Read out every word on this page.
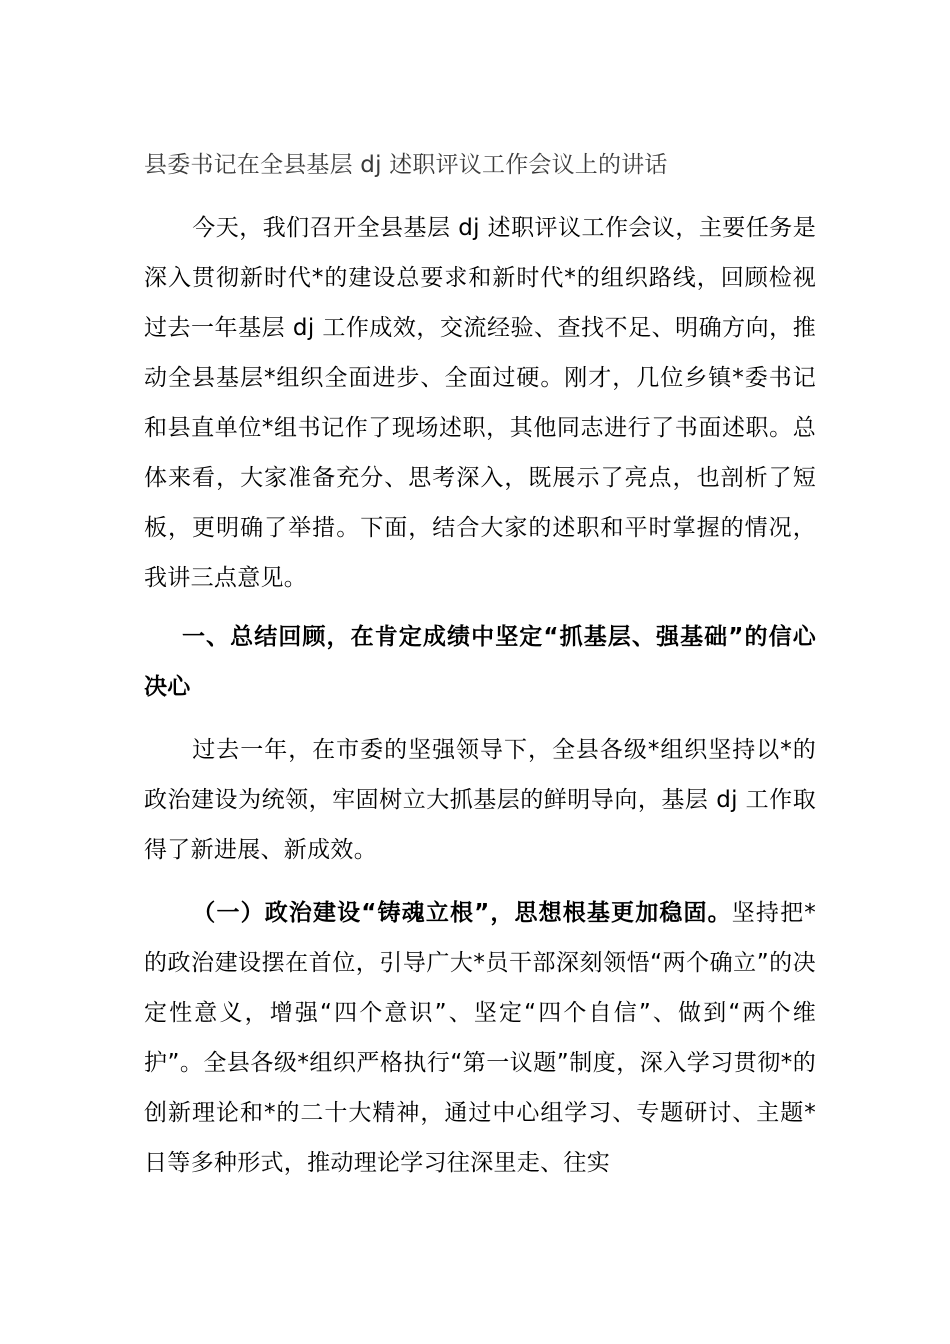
县委书记在全县基层 dj 述职评议工作会议上的讲话

今天，我们召开全县基层 dj 述职评议工作会议，主要任务是深入贯彻新时代*的建设总要求和新时代*的组织路线，回顾检视过去一年基层 dj 工作成效，交流经验、查找不足、明确方向，推动全县基层*组织全面进步、全面过硬。刚才，几位乡镇*委书记和县直单位*组书记作了现场述职，其他同志进行了书面述职。总体来看，大家准备充分、思考深入，既展示了亮点，也剖析了短板，更明确了举措。下面，结合大家的述职和平时掌握的情况，我讲三点意见。

一、总结回顾，在肯定成绩中坚定“抓基层、强基础”的信心决心

过去一年，在市委的坚强领导下，全县各级*组织坚持以*的政治建设为统领，牢固树立大抓基层的鲜明导向，基层 dj 工作取得了新进展、新成效。

（一）政治建设“铸魂立根”，思想根基更加稳固。坚持把*的政治建设摆在首位，引导广大*员干部深刻领悟“两个确立”的决定性意义，增强“四个意识”、坚定“四个自信”、做到“两个维护”。全县各级*组织严格执行“第一议题”制度，深入学习贯彻*的创新理论和*的二十大精神，通过中心组学习、专题研讨、主题*日等多种形式，推动理论学习往深里走、往实
